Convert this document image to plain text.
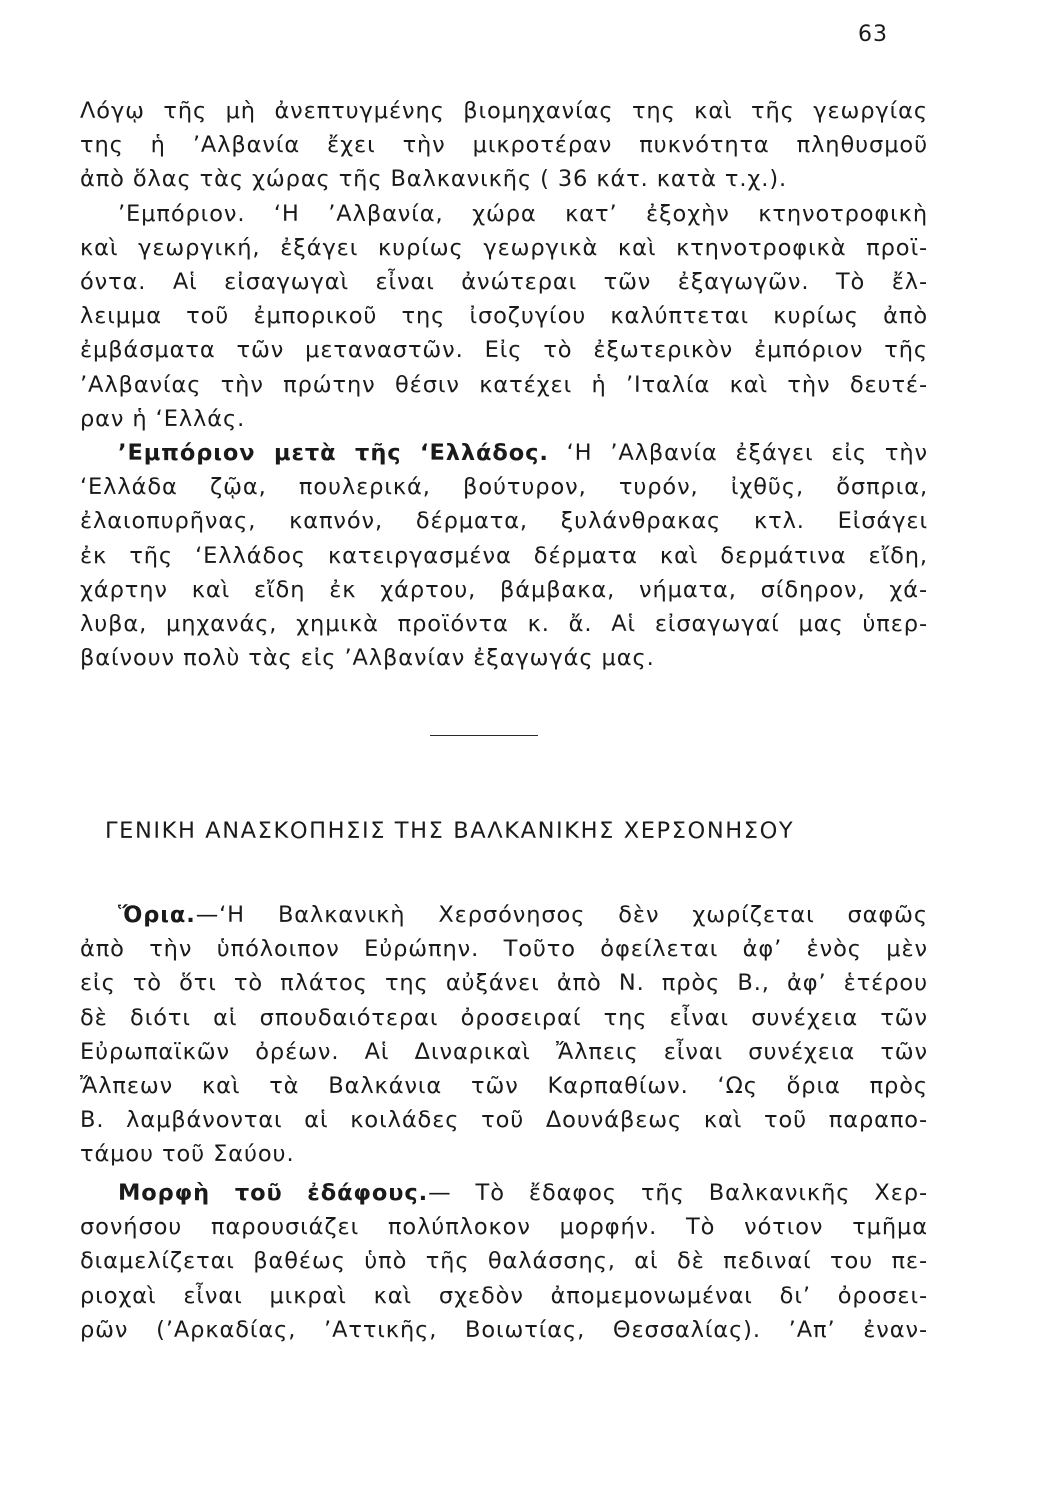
63
Λόγῳ τῆς μὴ ἀνεπτυγμένης βιομηχανίας της καὶ τῆς γεωργίας
της ἡ ’Αλβανία ἔχει τὴν μικροτέραν πυκνότητα πληθυσμοῦ
ἀπὸ ὅλας τὰς χώρας τῆς Βαλκανικῆς ( 36 κάτ. κατὰ τ.χ.).
’Εμπόριον. ‘Η ’Αλβανία, χώρα κατ’ ἐξοχὴν κτηνοτροφικὴ
καὶ γεωργική, ἐξάγει κυρίως γεωργικὰ καὶ κτηνοτροφικὰ προϊ-
όντα. Αἱ εἰσαγωγαὶ εἶναι ἀνώτεραι τῶν ἐξαγωγῶν. Τὸ ἔλ-
λειμμα τοῦ ἐμπορικοῦ της ἰσοζυγίου καλύπτεται κυρίως ἀπὸ
ἐμβάσματα τῶν μεταναστῶν. Εἰς τὸ ἐξωτερικὸν ἐμπόριον τῆς
’Αλβανίας τὴν πρώτην θέσιν κατέχει ἡ ’Ιταλία καὶ τὴν δευτέ-
ραν ἡ ‘Ελλάς.
’Εμπόριον μετὰ τῆς ‘Ελλάδος. ‘Η ’Αλβανία ἐξάγει εἰς τὴν
‘Ελλάδα ζῷα, πουλερικά, βούτυρον, τυρόν, ἰχθῦς, ὄσπρια,
ἐλαιοπυρῆνας, καπνόν, δέρματα, ξυλάνθρακας κτλ. Εἰσάγει
ἐκ τῆς ‘Ελλάδος κατειργασμένα δέρματα καὶ δερμάτινα εἴδη,
χάρτην καὶ εἴδη ἐκ χάρτου, βάμβακα, νήματα, σίδηρον, χά-
λυβα, μηχανάς, χημικὰ προϊόντα κ. ἄ. Αἱ εἰσαγωγαί μας ὑπερ-
βαίνουν πολὺ τὰς εἰς ’Αλβανίαν ἐξαγωγάς μας.
ΓΕΝΙΚΗ ΑΝΑΣΚΟΠΗΣΙΣ ΤΗΣ ΒΑΛΚΑΝΙΚΗΣ ΧΕΡΣΟΝΗΣΟΥ
Ὅρια.—‘Η Βαλκανικὴ Χερσόνησος δὲν χωρίζεται σαφῶς
ἀπὸ τὴν ὑπόλοιπον Εὐρώπην. Τοῦτο ὀφείλεται ἀφ’ ἑνὸς μὲν
εἰς τὸ ὅτι τὸ πλάτος της αὐξάνει ἀπὸ Ν. πρὸς Β., ἀφ’ ἑτέρου
δὲ διότι αἱ σπουδαιότεραι ὀροσειραί της εἶναι συνέχεια τῶν
Εὐρωπαϊκῶν ὀρέων. Αἱ Διναρικαὶ Ἄλπεις εἶναι συνέχεια τῶν
Ἄλπεων καὶ τὰ Βαλκάνια τῶν Καρπαθίων. ‘Ως ὅρια πρὸς
Β. λαμβάνονται αἱ κοιλάδες τοῦ Δουνάβεως καὶ τοῦ παραπο-
τάμου τοῦ Σαύου.
Μορφὴ τοῦ ἐδάφους.— Τὸ ἔδαφος τῆς Βαλκανικῆς Χερ-
σονήσου παρουσιάζει πολύπλοκον μορφήν. Τὸ νότιον τμῆμα
διαμελίζεται βαθέως ὑπὸ τῆς θαλάσσης, αἱ δὲ πεδιναί του πε-
ριοχαὶ εἶναι μικραὶ καὶ σχεδὸν ἀπομεμονωμέναι δι’ ὀροσει-
ρῶν (’Αρκαδίας, ’Αττικῆς, Βοιωτίας, Θεσσαλίας). ’Απ’ ἐναν-
